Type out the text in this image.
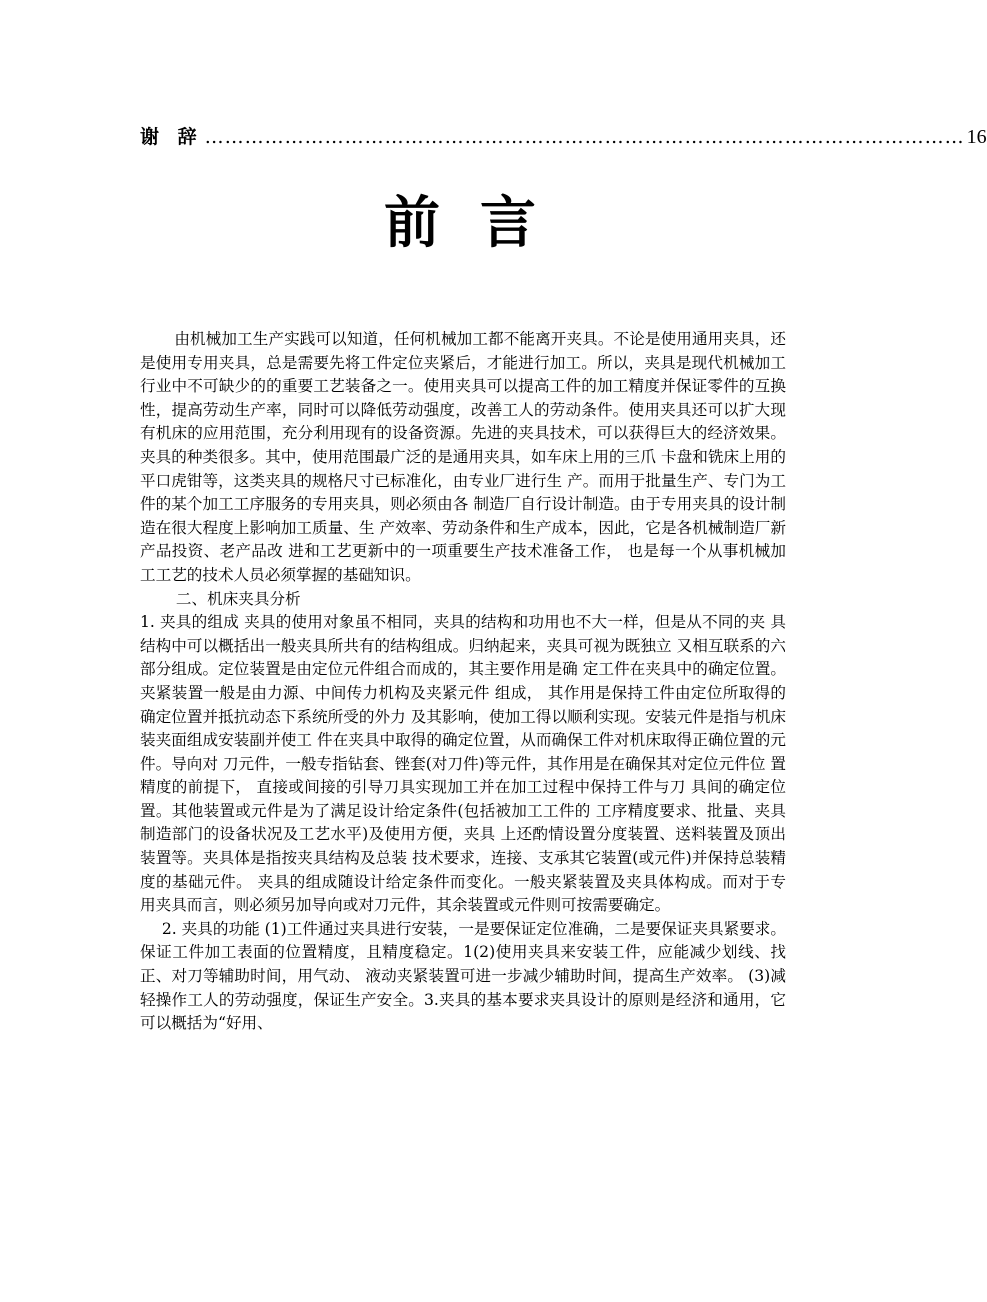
谢 辞 …………………………………………………………………………………………………… 16
前言

由机械加工生产实践可以知道，任何机械加工都不能离开夹具。不论是使用通用夹具，还是使用专用夹具，总是需要先将工件定位夹紧后，才能进行加工。所以，夹具是现代机械加工行业中不可缺少的的重要工艺装备之一。使用夹具可以提高工件的加工精度并保证零件的互换性，提高劳动生产率，同时可以降低劳动强度，改善工人的劳动条件。使用夹具还可以扩大现有机床的应用范围，充分利用现有的设备资源。先进的夹具技术，可以获得巨大的经济效果。 夹具的种类很多。其中，使用范围最广泛的是通用夹具，如车床上用的三爪 卡盘和铣床上用的平口虎钳等，这类夹具的规格尺寸已标准化，由专业厂进行生 产。而用于批量生产、专门为工件的某个加工工序服务的专用夹具，则必须由各 制造厂自行设计制造。由于专用夹具的设计制造在很大程度上影响加工质量、生 产效率、劳动条件和生产成本，因此，它是各机械制造厂新产品投资、老产品改 进和工艺更新中的一项重要生产技术准备工作， 也是每一个从事机械加工工艺的技术人员必须掌握的基础知识。

二、机床夹具分析

1. 夹具的组成 夹具的使用对象虽不相同，夹具的结构和功用也不大一样，但是从不同的夹 具结构中可以概括出一般夹具所共有的结构组成。归纳起来，夹具可视为既独立 又相互联系的六部分组成。定位装置是由定位元件组合而成的，其主要作用是确 定工件在夹具中的确定位置。夹紧装置一般是由力源、中间传力机构及夹紧元件 组成， 其作用是保持工件由定位所取得的确定位置并抵抗动态下系统所受的外力 及其影响，使加工得以顺利实现。安装元件是指与机床装夹面组成安装副并使工 件在夹具中取得的确定位置，从而确保工件对机床取得正确位置的元件。导向对 刀元件，一般专指钻套、锉套(对刀件)等元件，其作用是在确保其对定位元件位 置精度的前提下， 直接或间接的引导刀具实现加工并在加工过程中保持工件与刀 具间的确定位置。其他装置或元件是为了满足设计给定条件(包括被加工工件的 工序精度要求、批量、夹具制造部门的设备状况及工艺水平)及使用方便，夹具 上还酌情设置分度装置、送料装置及顶出装置等。夹具体是指按夹具结构及总装 技术要求，连接、支承其它装置(或元件)并保持总装精度的基础元件。 夹具的组成随设计给定条件而变化。一般夹紧装置及夹具体构成。而对于专 用夹具而言，则必须另加导向或对刀元件，其余装置或元件则可按需要确定。

2. 夹具的功能 (1)工件通过夹具进行安装，一是要保证定位准确，二是要保证夹具紧要求。 保证工件加工表面的位置精度，且精度稳定。1(2)使用夹具来安装工件，应能减少划线、找正、对刀等辅助时间，用气动、 液动夹紧装置可进一步减少辅助时间，提高生产效率。 (3)减轻操作工人的劳动强度，保证生产安全。3.夹具的基本要求夹具设计的原则是经济和通用，它可以概括为“好用、
